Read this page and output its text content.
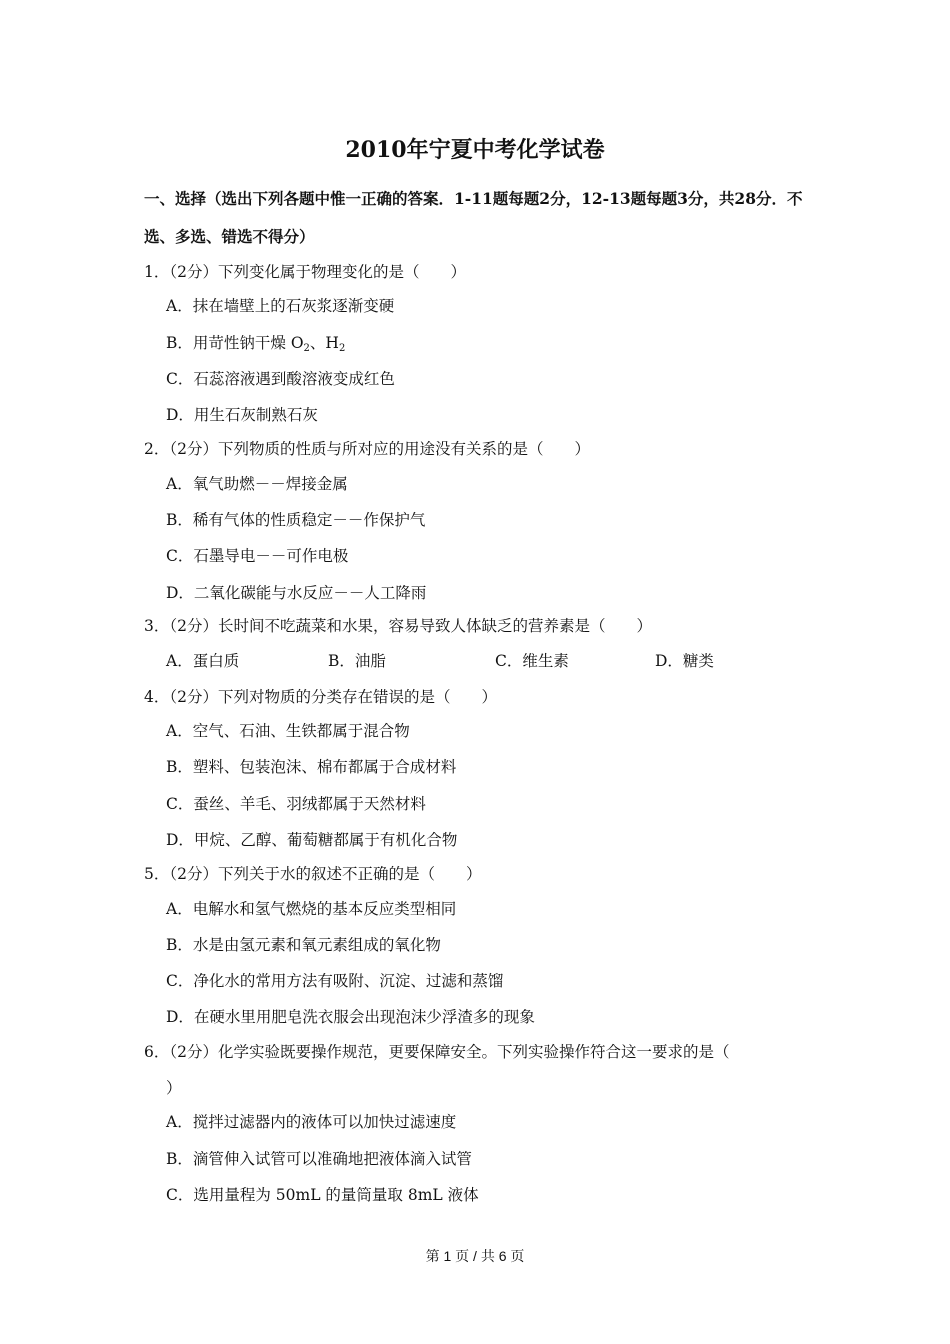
2010年宁夏中考化学试卷
一、选择（选出下列各题中惟一正确的答案．1-11题每题2分，12-13题每题3分，共28分．不选、多选、错选不得分）
1．（2分）下列变化属于物理变化的是（　　）
A．抹在墙壁上的石灰浆逐渐变硬
B．用苛性钠干燥 $O_2$、$H_2$
C．石蕊溶液遇到酸溶液变成红色
D．用生石灰制熟石灰
2．（2分）下列物质的性质与所对应的用途没有关系的是（　　）
A．氧气助燃－－焊接金属
B．稀有气体的性质稳定－－作保护气
C．石墨导电－－可作电极
D．二氧化碳能与水反应－－人工降雨
3．（2分）长时间不吃蔬菜和水果，容易导致人体缺乏的营养素是（　　）
A．蛋白质	B．油脂	C．维生素	D．糖类
4．（2分）下列对物质的分类存在错误的是（　　）
A．空气、石油、生铁都属于混合物
B．塑料、包装泡沫、棉布都属于合成材料
C．蚕丝、羊毛、羽绒都属于天然材料
D．甲烷、乙醇、葡萄糖都属于有机化合物
5．（2分）下列关于水的叙述不正确的是（　　）
A．电解水和氢气燃烧的基本反应类型相同
B．水是由氢元素和氧元素组成的氧化物
C．净化水的常用方法有吸附、沉淀、过滤和蒸馏
D．在硬水里用肥皂洗衣服会出现泡沫少浮渣多的现象
6．（2分）化学实验既要操作规范，更要保障安全。下列实验操作符合这一要求的是（
）
A．搅拌过滤器内的液体可以加快过滤速度
B．滴管伸入试管可以准确地把液体滴入试管
C．选用量程为 50mL 的量筒量取 8mL 液体
第 1 页 / 共 6 页
